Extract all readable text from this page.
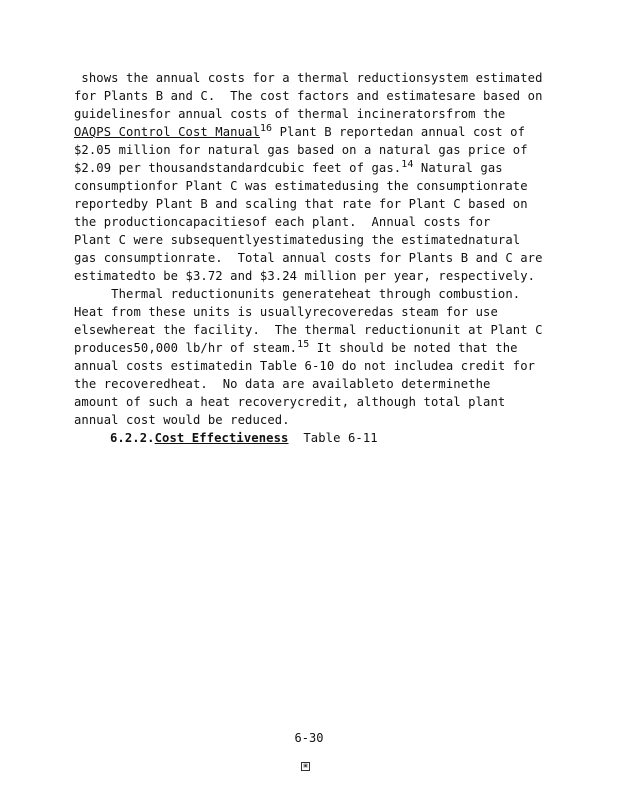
shows the annual costs for a thermal reductionsystem estimated
for Plants B and C.  The cost factors and estimatesare based on
guidelinesfor annual costs of thermal incineratorsfrom the
OAQPS Control Cost Manual$^{16}$ Plant B reportedan annual cost of
$2.05 million for natural gas based on a natural gas price of
$2.09 per thousandstandardcubic feet of gas.$^{14}$ Natural gas
consumptionfor Plant C was estimatedusing the consumptionrate
reportedby Plant B and scaling that rate for Plant C based on
the productioncapacitiesof each plant.  Annual costs for
Plant C were subsequentlyestimatedusing the estimatednatural
gas consumptionrate.  Total annual costs for Plants B and C are
estimatedto be $3.72 and $3.24 million per year, respectively.
Thermal reductionunits generateheat through combustion.
Heat from these units is usuallyrecoveredas steam for use
elsewhereat the facility.  The thermal reductionunit at Plant C
produces50,000 lb/hr of steam.$^{15}$ It should be noted that the
annual costs estimatedin Table 6-10 do not includea credit for
the recoveredheat.  No data are availableto determinethe
amount of such a heat recoverycredit, although total plant
annual cost would be reduced.
6.2.2.Cost Effectiveness  Table 6-11
6-30
▣
